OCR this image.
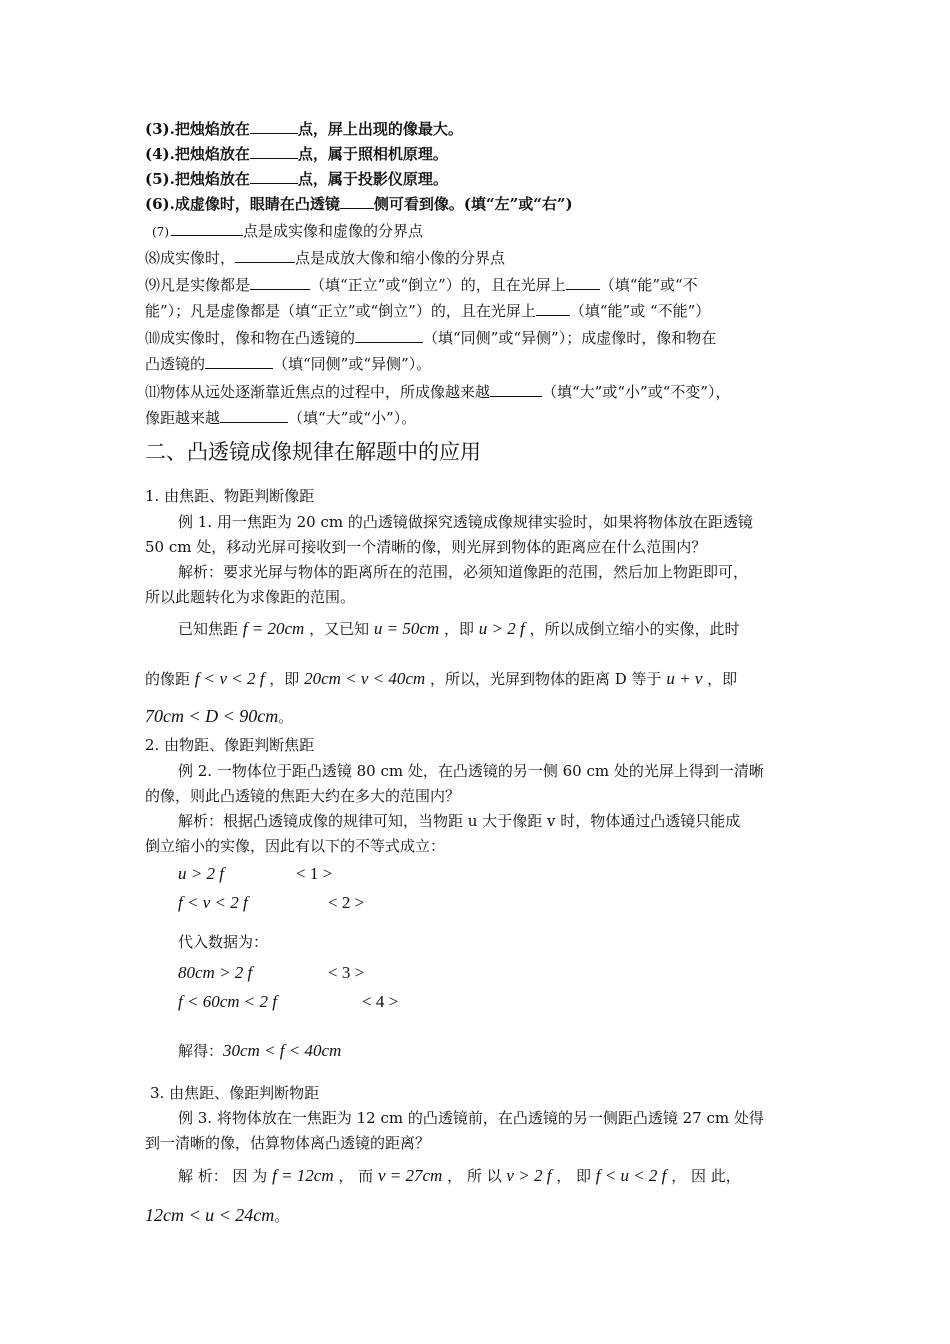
(3).把烛焰放在	点，屏上出现的像最大。
(4).把烛焰放在	点，属于照相机原理。
(5).把烛焰放在	点，属于投影仪原理。
(6).成虚像时，眼睛在凸透镜 侧可看到像。(填“左”或“右”)
(7)	点是成实像和虚像的分界点
⑻成实像时，	点是成放大像和缩小像的分界点
⑼凡是实像都是	（填“正立”或“倒立”）的，且在光屏上 （填“能”或“不
能”）；凡是虚像都是（填“正立”或“倒立”）的，且在光屏上 （填“能”或 “不能”）
⑽成实像时，像和物在凸透镜的	（填“同侧”或“异侧”）；成虚像时，像和物在
凸透镜的	（填“同侧”或“异侧”）。
⑾物体从远处逐渐靠近焦点的过程中，所成像越来越	（填“大”或“小”或“不变”），
像距越来越	（填“大”或“小”）。
二、凸透镜成像规律在解题中的应用
1. 由焦距、物距判断像距
例 1. 用一焦距为 20 cm 的凸透镜做探究透镜成像规律实验时，如果将物体放在距透镜
50 cm 处，移动光屏可接收到一个清晰的像，则光屏到物体的距离应在什么范围内？
解析：要求光屏与物体的距离所在的范围，必须知道像距的范围，然后加上物距即可，
所以此题转化为求像距的范围。
已知焦距 f = 20cm ，又已知 u = 50cm ，即 u > 2 f ，所以成倒立缩小的实像，此时
的像距 f < v < 2 f ，即 20cm < v < 40cm ，所以，光屏到物体的距离 D 等于 u + v ，即
70cm < D < 90cm。
2. 由物距、像距判断焦距
例 2. 一物体位于距凸透镜 80 cm 处，在凸透镜的另一侧 60 cm 处的光屏上得到一清晰
的像，则此凸透镜的焦距大约在多大的范围内？
解析：根据凸透镜成像的规律可知，当物距 u 大于像距 v 时，物体通过凸透镜只能成
倒立缩小的实像，因此有以下的不等式成立：
u > 2 f	< 1 >
f < v < 2 f	< 2 >
代入数据为：
80cm > 2 f	< 3 >
f < 60cm < 2 f	< 4 >
解得：30cm < f < 40cm
3. 由焦距、像距判断物距
例 3. 将物体放在一焦距为 12 cm 的凸透镜前，在凸透镜的另一侧距凸透镜 27 cm 处得
到一清晰的像，估算物体离凸透镜的距离？
解 析： 因 为 f = 12cm ， 而 v = 27cm ， 所 以 v > 2 f ， 即 f < u < 2 f ， 因 此，
12cm < u < 24cm。
